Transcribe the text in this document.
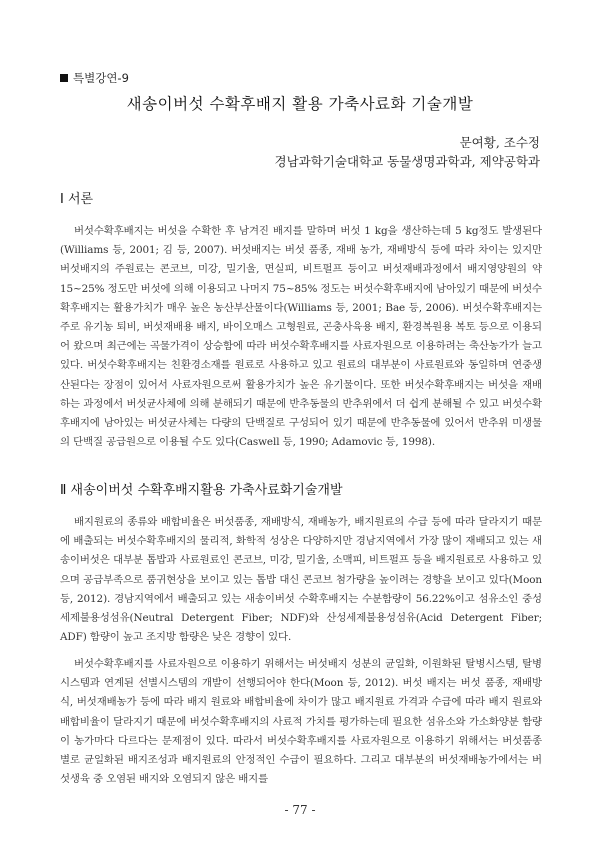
특별강연-9
새송이버섯 수확후배지 활용 가축사료화 기술개발
문여황, 조수정
경남과학기술대학교 동물생명과학과, 제약공학과
Ⅰ 서론
버섯수확후배지는 버섯을 수확한 후 남겨진 배지를 말하며 버섯 1 kg을 생산하는데 5 kg정도 발생된다(Williams 등, 2001; 김 등, 2007). 버섯배지는 버섯 품종, 재배 농가, 재배방식 등에 따라 차이는 있지만 버섯배지의 주원료는 콘코브, 미강, 밀기울, 면실피, 비트펄프 등이고 버섯재배과정에서 배지영양원의 약 15~25% 정도만 버섯에 의해 이용되고 나머지 75~85% 정도는 버섯수확후배지에 남아있기 때문에 버섯수확후배지는 활용가치가 매우 높은 농산부산물이다(Williams 등, 2001; Bae 등, 2006). 버섯수확후배지는 주로 유기농 퇴비, 버섯재배용 배지, 바이오매스 고형원료, 곤충사육용 배지, 환경복원용 복토 등으로 이용되어 왔으며 최근에는 곡물가격이 상승함에 따라 버섯수확후배지를 사료자원으로 이용하려는 축산농가가 늘고 있다. 버섯수확후배지는 친환경소재를 원료로 사용하고 있고 원료의 대부분이 사료원료와 동일하며 연중생산된다는 장점이 있어서 사료자원으로써 활용가치가 높은 유기물이다. 또한 버섯수확후배지는 버섯을 재배하는 과정에서 버섯균사체에 의해 분해되기 때문에 반추동물의 반추위에서 더 쉽게 분해될 수 있고 버섯수확후배지에 남아있는 버섯균사체는 다량의 단백질로 구성되어 있기 때문에 반추동물에 있어서 반추위 미생물의 단백질 공급원으로 이용될 수도 있다(Caswell 등, 1990; Adamovic 등, 1998).
Ⅱ 새송이버섯 수확후배지활용 가축사료화기술개발
배지원료의 종류와 배합비율은 버섯품종, 재배방식, 재배농가, 배지원료의 수급 등에 따라 달라지기 때문에 배출되는 버섯수확후배지의 물리적, 화학적 성상은 다양하지만 경남지역에서 가장 많이 재배되고 있는 새송이버섯은 대부분 톱밥과 사료원료인 콘코브, 미강, 밀기울, 소맥피, 비트펄프 등을 배지원료로 사용하고 있으며 공급부족으로 품귀현상을 보이고 있는 톱밥 대신 콘코브 첨가량을 높이려는 경향을 보이고 있다(Moon 등, 2012). 경남지역에서 배출되고 있는 새송이버섯 수확후배지는 수분함량이 56.22%이고 섬유소인 중성세제불용성섬유(Neutral Detergent Fiber; NDF)와 산성세제불용성섬유(Acid Detergent Fiber; ADF) 함량이 높고 조지방 함량은 낮은 경향이 있다.
버섯수확후배지를 사료자원으로 이용하기 위해서는 버섯배지 성분의 균일화, 이원화된 탈병시스템, 탈병시스템과 연계된 선별시스템의 개발이 선행되어야 한다(Moon 등, 2012). 버섯 배지는 버섯 품종, 재배방식, 버섯재배농가 등에 따라 배지 원료와 배합비율에 차이가 많고 배지원료 가격과 수급에 따라 배지 원료와 배합비율이 달라지기 때문에 버섯수확후배지의 사료적 가치를 평가하는데 필요한 섬유소와 가소화양분 함량이 농가마다 다르다는 문제점이 있다. 따라서 버섯수확후배지를 사료자원으로 이용하기 위해서는 버섯품종별로 균일화된 배지조성과 배지원료의 안정적인 수급이 필요하다. 그리고 대부분의 버섯재배농가에서는 버섯생육 중 오염된 배지와 오염되지 않은 배지를
- 77 -
